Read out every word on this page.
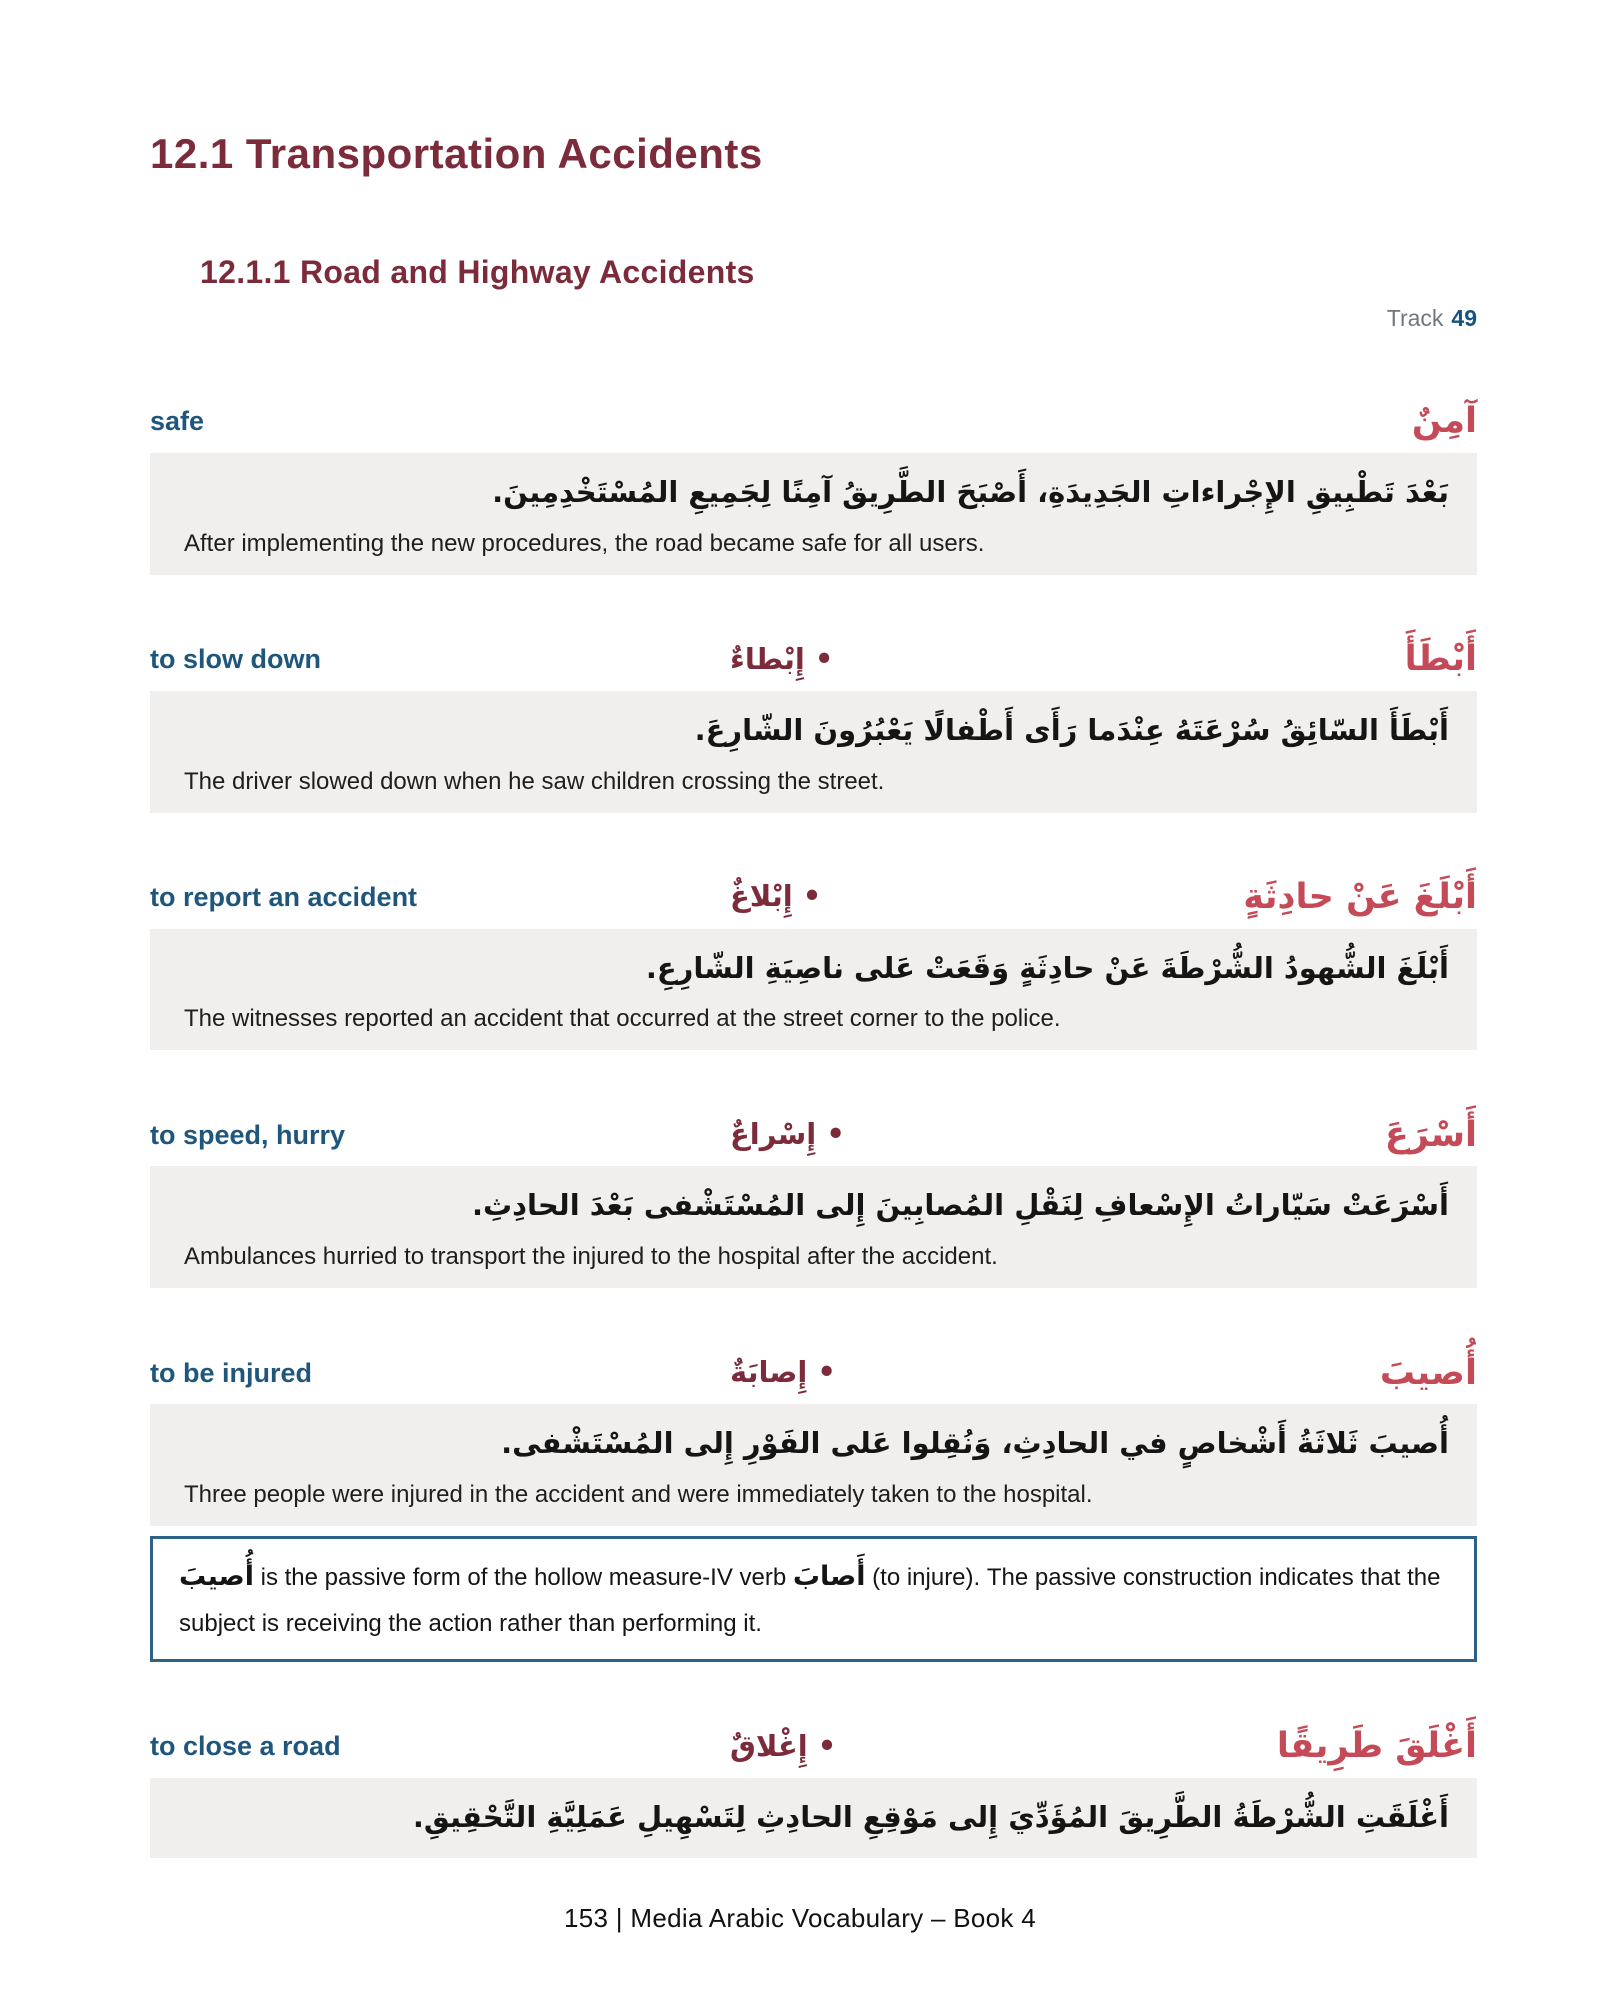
12.1 Transportation Accidents
12.1.1 Road and Highway Accidents
Track 49
safe	آمِنٌ
بَعْدَ تَطْبِيقِ الإِجْراءاتِ الجَدِيدَةِ، أَصْبَحَ الطَّرِيقُ آمِنًا لِجَمِيعِ المُسْتَخْدِمِينَ.
After implementing the new procedures, the road became safe for all users.
to slow down	• إِبْطاءٌ	أَبْطَأَ
أَبْطَأَ السّائِقُ سُرْعَتَهُ عِنْدَما رَأَى أَطْفالًا يَعْبُرُونَ الشّارِعَ.
The driver slowed down when he saw children crossing the street.
to report an accident	• إِبْلاغٌ	أَبْلَغَ عَنْ حادِثَةٍ
أَبْلَغَ الشُّهودُ الشُّرْطَةَ عَنْ حادِثَةٍ وَقَعَتْ عَلى ناصِيَةِ الشّارِعِ.
The witnesses reported an accident that occurred at the street corner to the police.
to speed, hurry	• إِسْراعٌ	أَسْرَعَ
أَسْرَعَتْ سَيّاراتُ الإِسْعافِ لِنَقْلِ المُصابِينَ إِلى المُسْتَشْفى بَعْدَ الحادِثِ.
Ambulances hurried to transport the injured to the hospital after the accident.
to be injured	• إِصابَةٌ	أُصيبَ
أُصيبَ ثَلاثَةُ أَشْخاصٍ في الحادِثِ، وَنُقِلوا عَلى الفَوْرِ إِلى المُسْتَشْفى.
Three people were injured in the accident and were immediately taken to the hospital.
أُصيبَ is the passive form of the hollow measure-IV verb أَصابَ (to injure). The passive construction indicates that the subject is receiving the action rather than performing it.
to close a road	• إِغْلاقٌ	أَغْلَقَ طَرِيقًا
أَغْلَقَتِ الشُّرْطَةُ الطَّرِيقَ المُؤَدِّيَ إِلى مَوْقِعِ الحادِثِ لِتَسْهِيلِ عَمَلِيَّةِ التَّحْقِيقِ.
153 | Media Arabic Vocabulary – Book 4
